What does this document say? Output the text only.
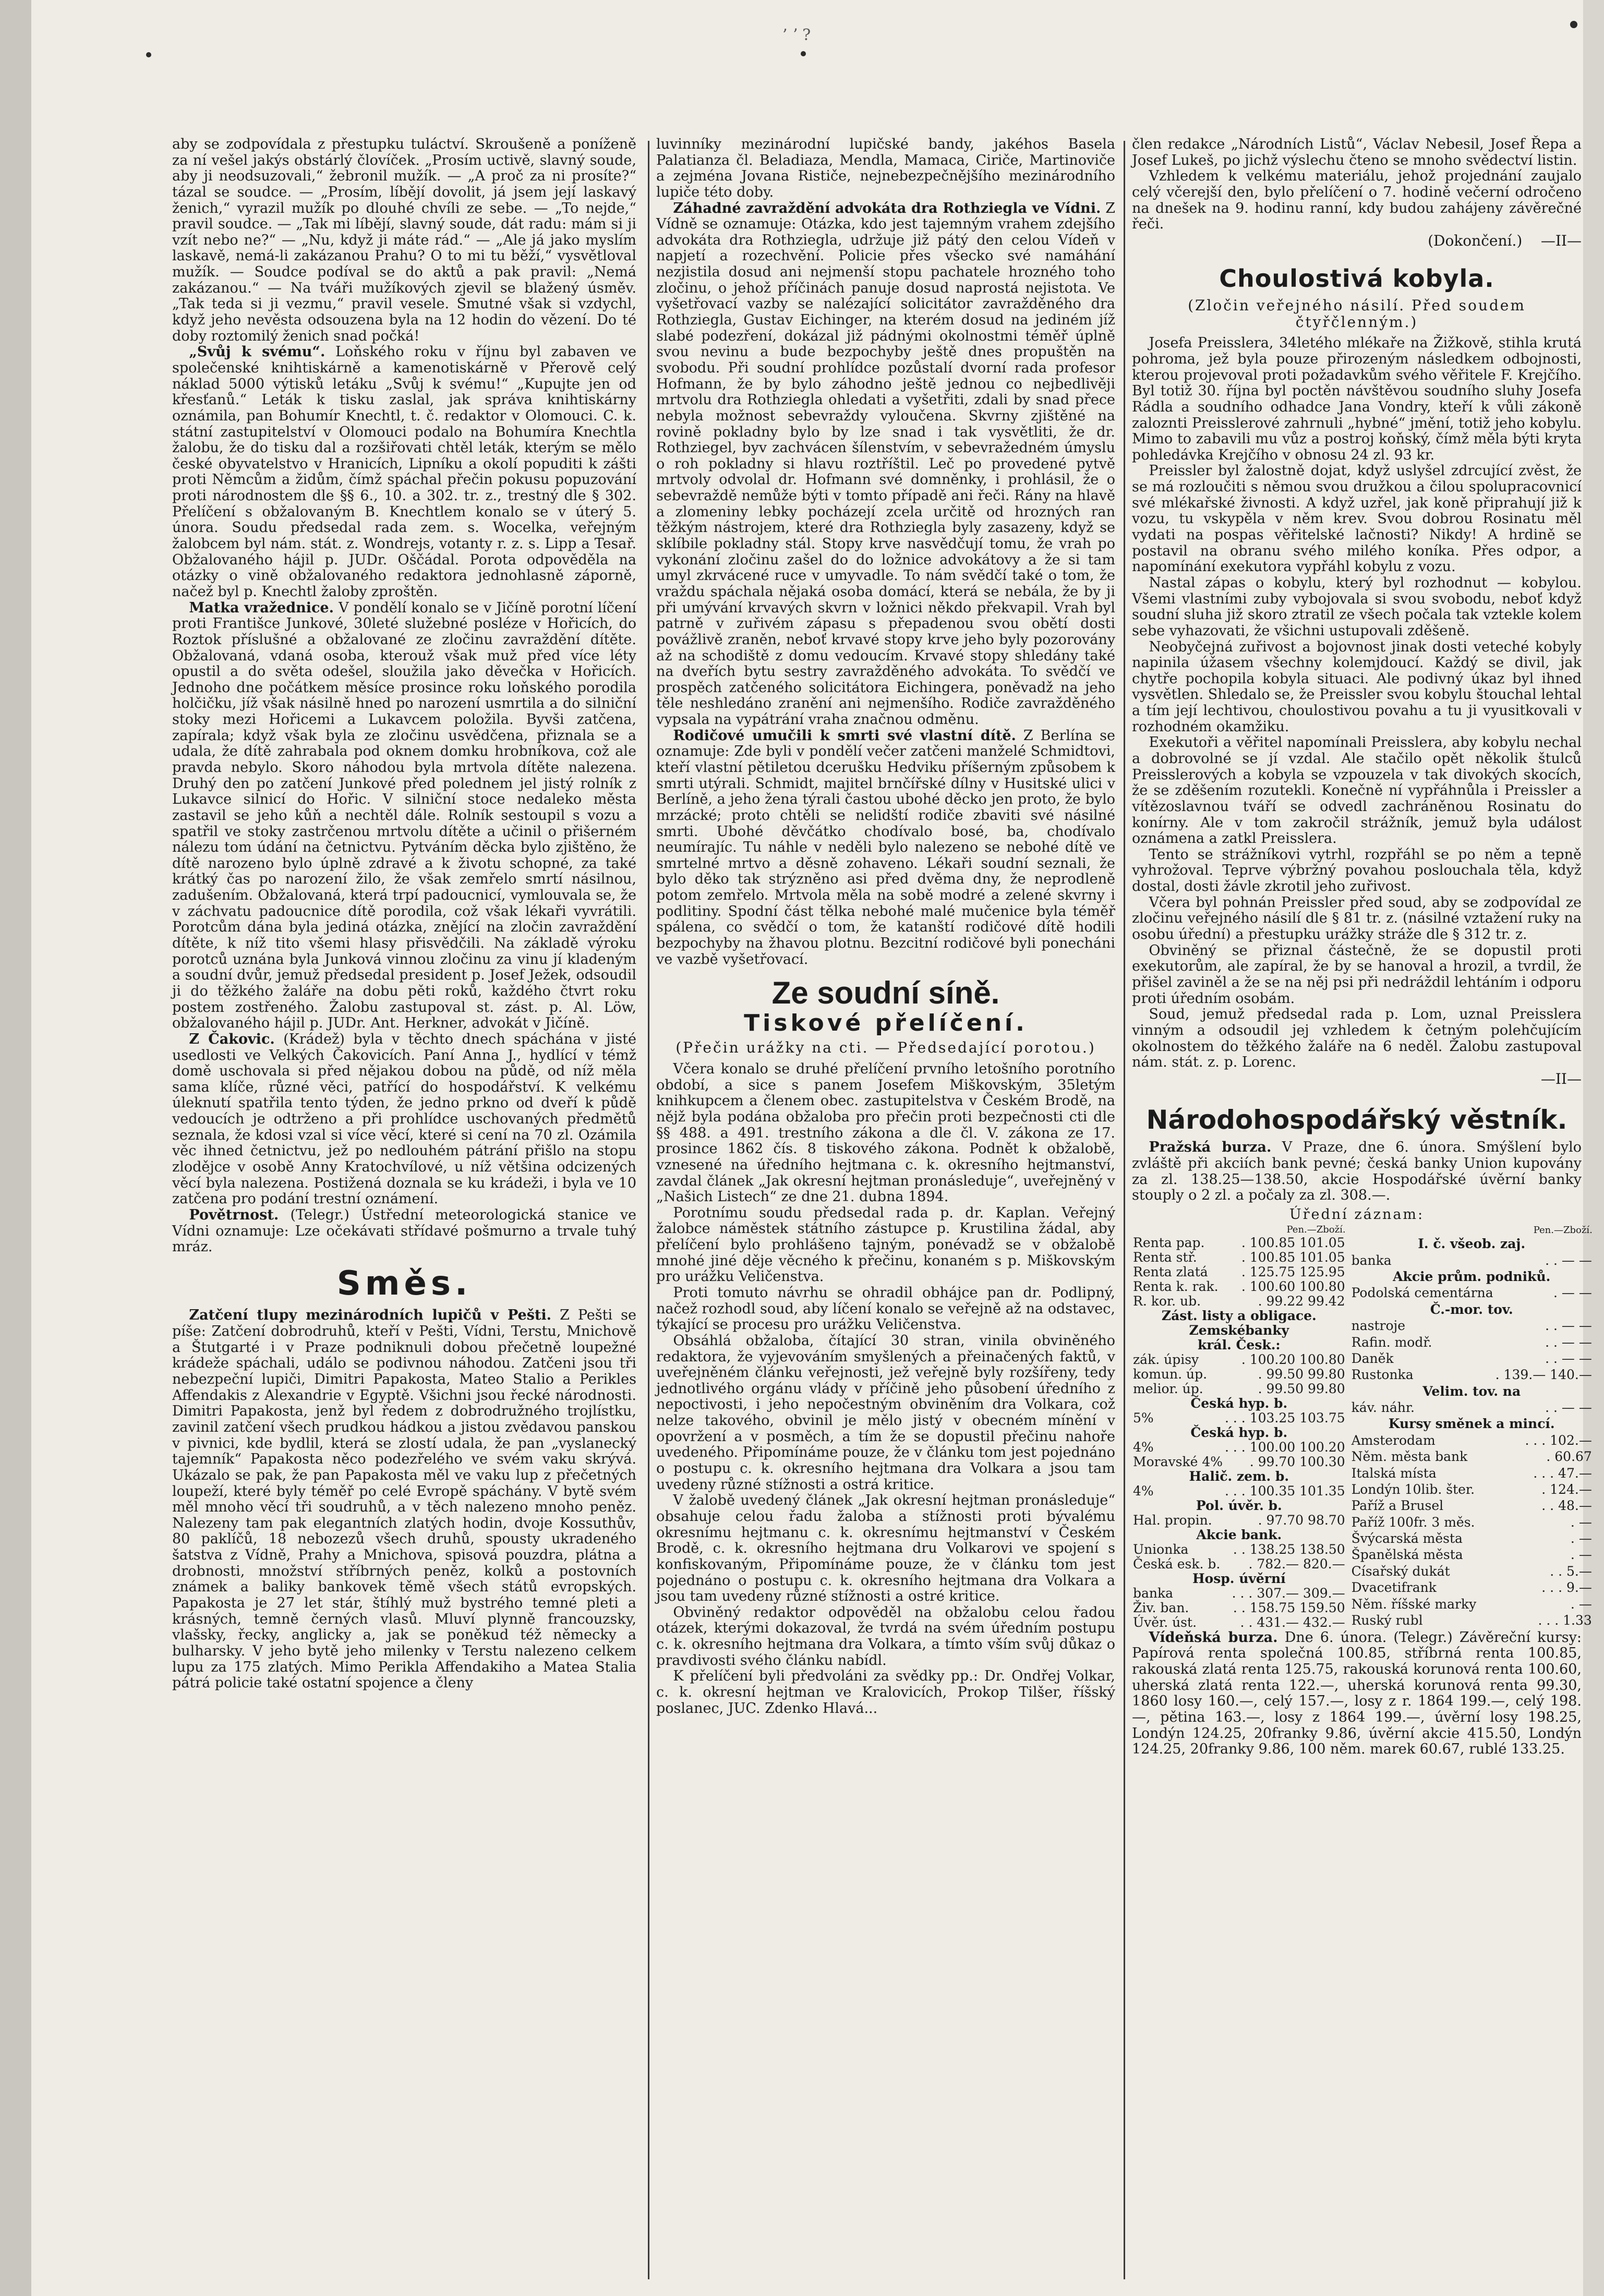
’ ʼ ?

aby se zodpovídala z přestupku tuláctví. Skroušeně a poníženě za ní vešel jakýs obstárlý človíček. „Prosím uctivě, slavný soude, aby ji neodsuzovali,“ žebronil mužík. — „A proč za ni prosíte?“ tázal se soudce. — „Prosím, líbějí dovolit, já jsem její laskavý ženich,“ vyrazil mužík po dlouhé chvíli ze sebe. — „To nejde,“ pravil soudce. — „Tak mi líbějí, slavný soude, dát radu: mám si ji vzít nebo ne?“ — „Nu, když ji máte rád.“ — „Ale já jako myslím laskavě, nemá-li zakázanou Prahu? O to mi tu běží,“ vysvětloval mužík. — Soudce podíval se do aktů a pak pravil: „Nemá zakázanou.“ — Na tváři mužíkových zjevil se blažený úsměv. „Tak teda si ji vezmu,“ pravil vesele. Smutné však si vzdychl, když jeho nevěsta odsouzena byla na 12 hodin do vězení. Do té doby roztomilý ženich snad počká!

„Svůj k svému“. Loňského roku v říjnu byl zabaven ve společenské knihtiskárně a kamenotiskárně v Přerově celý náklad 5000 výtisků letáku „Svůj k svému!“ „Kupujte jen od křesťanů.“ Leták k tisku zaslal, jak správa knihtiskárny oznámila, pan Bohumír Knechtl, t. č. redaktor v Olomouci. C. k. státní zastupitelství v Olomouci podalo na Bohumíra Knechtla žalobu, že do tisku dal a rozšiřovati chtěl leták, kterým se mělo české obyvatelstvo v Hranicích, Lipníku a okolí popuditi k zášti proti Němcům a židům, čímž spáchal přečin pokusu popuzování proti národnostem dle §§ 6., 10. a 302. tr. z., trestný dle § 302. Přelíčení s obžalovaným B. Knechtlem konalo se v úterý 5. února. Soudu předsedal rada zem. s. Wocelka, veřejným žalobcem byl nám. stát. z. Wondrejs, votanty r. z. s. Lipp a Tesař. Obžalovaného hájil p. JUDr. Oščádal. Porota odpověděla na otázky o vině obžalovaného redaktora jednohlasně záporně, načež byl p. Knechtl žaloby zproštěn.

Matka vražednice. V pondělí konalo se v Jičíně porotní líčení proti Františce Junkové, 30leté služebné posléze v Hořicích, do Roztok příslušné a obžalované ze zločinu zavraždění dítěte. Obžalovaná, vdaná osoba, kterouž však muž před více léty opustil a do světa odešel, sloužila jako děvečka v Hořicích. Jednoho dne počátkem měsíce prosince roku loňského porodila holčičku, jíž však násilně hned po narození usmrtila a do silniční stoky mezi Hořicemi a Lukavcem položila. Byvši zatčena, zapírala; když však byla ze zločinu usvědčena, přiznala se a udala, že dítě zahrabala pod oknem domku hrobníkova, což ale pravda nebylo. Skoro náhodou byla mrtvola dítěte nalezena. Druhý den po zatčení Junkové před polednem jel jistý rolník z Lukavce silnicí do Hořic. V silniční stoce nedaleko města zastavil se jeho kůň a nechtěl dále. Rolník sestoupil s vozu a spatřil ve stoky zastrčenou mrtvolu dítěte a učinil o přišerném nálezu tom údání na četnictvu. Pytváním děcka bylo zjištěno, že dítě narozeno bylo úplně zdravé a k životu schopné, za také krátký čas po narození žilo, že však zemřelo smrtí násilnou, zadušením. Obžalovaná, která trpí padoucnicí, vymlouvala se, že v záchvatu padoucnice dítě porodila, což však lékaři vyvrátili. Porotcům dána byla jediná otázka, znějící na zločin zavraždění dítěte, k níž tito všemi hlasy přisvědčili. Na základě výroku porotců uznána byla Junková vinnou zločinu za vinu jí kladeným a soudní dvůr, jemuž předsedal president p. Josef Ježek, odsoudil ji do těžkého žaláře na dobu pěti roků, každého čtvrt roku postem zostřeného. Žalobu zastupoval st. zást. p. Al. Löw, obžalovaného hájil p. JUDr. Ant. Herkner, advokát v Jičíně.

Z Čakovic. (Krádež) byla v těchto dnech spáchána v jisté usedlosti ve Velkých Čakovicích. Paní Anna J., hydlící v témž domě uschovala si před nějakou dobou na půdě, od níž měla sama klíče, různé věci, patřící do hospodářství. K velkému úleknutí spatřila tento týden, že jedno prkno od dveří k půdě vedoucích je odtrženo a při prohlídce uschovaných předmětů seznala, že kdosi vzal si více věcí, které si cení na 70 zl. Ozámila věc ihned četnictvu, jež po nedlouhém pátrání přišlo na stopu zlodějce v osobě Anny Kratochvílové, u níž většina odcizených věcí byla nalezena. Postižená doznala se ku krádeži, i byla ve 10 zatčena pro podání trestní oznámení.

Povětrnost. (Telegr.) Ústřední meteorologická stanice ve Vídni oznamuje: Lze očekávati střídavé pošmurno a trvale tuhý mráz.

Směs.

Zatčení tlupy mezinárodních lupičů v Pešti. Z Pešti se píše: Zatčení dobrodruhů, kteří v Pešti, Vídni, Terstu, Mnichově a Štutgarté i v Praze podniknuli dobou přečetně loupežné krádeže spáchali, událo se podivnou náhodou. Zatčeni jsou tři nebezpeční lupiči, Dimitri Papakosta, Mateo Stalio a Perikles Affendakis z Alexandrie v Egyptě. Všichni jsou řecké národnosti. Dimitri Papakosta, jenž byl ředem z dobrodružného trojlístku, zavinil zatčení všech prudkou hádkou a jistou zvědavou panskou v pivnici, kde bydlil, která se zlostí udala, že pan „vyslanecký tajemník“ Papakosta něco podezřelého ve svém vaku skrývá. Ukázalo se pak, že pan Papakosta měl ve vaku lup z přečetných loupeží, které byly téměř po celé Evropě spáchány. V bytě svém měl mnoho věcí tři soudruhů, a v těch nalezeno mnoho peněz. Nalezeny tam pak elegantních zlatých hodin, dvoje Kossuthův, 80 paklíčů, 18 nebozezů všech druhů, spousty ukradeného šatstva z Vídně, Prahy a Mnichova, spisová pouzdra, plátna a drobnosti, množství stříbrných peněz, kolků a postovních známek a baliky bankovek těmě všech států evropských. Papakosta je 27 let stár, štíhlý muž bystrého temné pleti a krásných, temně černých vlasů. Mluví plynně francouzsky, vlašsky, řecky, anglicky a, jak se poněkud též německy a bulharsky. V jeho bytě jeho milenky v Terstu nalezeno celkem lupu za 175 zlatých. Mimo Perikla Affendakiho a Matea Stalia pátrá policie také ostatní spojence a členy

luvinníky mezinárodní lupičské bandy, jakéhos Basela Palatianza čl. Beladiaza, Mendla, Mamaca, Ciriče, Martinoviče a zejména Jovana Rističe, nejnebezpečnějšího mezinárodního lupiče této doby.

Záhadné zavraždění advokáta dra Rothziegla ve Vídni. Z Vídně se oznamuje: Otázka, kdo jest tajemným vrahem zdejšího advokáta dra Rothziegla, udržuje již pátý den celou Vídeň v napjetí a rozechvění. Policie přes všecko své namáhání nezjistila dosud ani nejmenší stopu pachatele hrozného toho zločinu, o jehož příčinách panuje dosud naprostá nejistota. Ve vyšetřovací vazby se nalézající solicitátor zavražděného dra Rothziegla, Gustav Eichinger, na kterém dosud na jediném jíž slabé podezření, dokázal již pádnými okolnostmi téměř úplně svou nevinu a bude bezpochyby ještě dnes propuštěn na svobodu. Při soudní prohlídce pozůstalí dvorní rada profesor Hofmann, že by bylo záhodno ještě jednou co nejbedlivěji mrtvolu dra Rothziegla ohledati a vyšetřiti, zdali by snad přece nebyla možnost sebevraždy vyloučena. Skvrny zjištěné na rovině pokladny bylo by lze snad i tak vysvětliti, že dr. Rothziegel, byv zachvácen šílenstvím, v sebevražedném úmyslu o roh pokladny si hlavu roztříštil. Leč po provedené pytvě mrtvoly odvolal dr. Hofmann své domněnky, i prohlásil, že o sebevraždě nemůže býti v tomto případě ani řeči. Rány na hlavě a zlomeniny lebky pocházejí zcela určitě od hrozných ran těžkým nástrojem, které dra Rothziegla byly zasazeny, když se sklíbile pokladny stál. Stopy krve nasvědčují tomu, že vrah po vykonání zločinu zašel do do ložnice advokátovy a že si tam umyl zkrvácené ruce v umyvadle. To nám svědčí také o tom, že vraždu spáchala nějaká osoba domácí, která se nebála, že by ji při umývání krvavých skvrn v ložnici někdo překvapil. Vrah byl patrně v zuřivém zápasu s přepadenou svou obětí dosti povážlivě zraněn, neboť krvavé stopy krve jeho byly pozorovány až na schodiště z domu vedoucím. Krvavé stopy shledány také na dveřích bytu sestry zavražděného advokáta. To svědčí ve prospěch zatčeného solicitátora Eichingera, poněvadž na jeho těle neshledáno zranění ani nejmenšího. Rodiče zavražděného vypsala na vypátrání vraha značnou odměnu.

Rodičové umučili k smrti své vlastní dítě. Z Berlína se oznamuje: Zde byli v pondělí večer zatčeni manželé Schmidtovi, kteří vlastní pětiletou dcerušku Hedviku příšerným způsobem k smrti utýrali. Schmidt, majitel brnčířské dílny v Husitské ulici v Berlíně, a jeho žena týrali častou ubohé děcko jen proto, že bylo mrzácké; proto chtěli se nelidští rodiče zbaviti své násilné smrti. Ubohé děvčátko chodívalo bosé, ba, chodívalo neumírajíc. Tu náhle v neděli bylo nalezeno se nebohé dítě ve smrtelné mrtvo a děsně zohaveno. Lékaři soudní seznali, že bylo děko tak strýzněno asi před dvěma dny, že neprodleně potom zemřelo. Mrtvola měla na sobě modré a zelené skvrny i podlitiny. Spodní část tělka nebohé malé mučenice byla téměř spálena, co svědčí o tom, že katanští rodičové dítě hodili bezpochyby na žhavou plotnu. Bezcitní rodičové byli ponecháni ve vazbě vyšetřovací.

Ze soudní síně.
Tiskové přelíčení.
(Přečin urážky na cti. — Předsedající porotou.)

Včera konalo se druhé přelíčení prvního letošního porotního období, a sice s panem Josefem Miškovským, 35letým knihkupcem a členem obec. zastupitelstva v Českém Brodě, na nějž byla podána obžaloba pro přečin proti bezpečnosti cti dle §§ 488. a 491. trestního zákona a dle čl. V. zákona ze 17. prosince 1862 čís. 8 tiskového zákona. Podnět k obžalobě, vznesené na úředního hejtmana c. k. okresního hejtmanství, zavdal článek „Jak okresní hejtman pronásleduje“, uveřejněný v „Našich Listech“ ze dne 21. dubna 1894.

Porotnímu soudu předsedal rada p. dr. Kaplan. Veřejný žalobce náměstek státního zástupce p. Krustilina žádal, aby přelíčení bylo prohlášeno tajným, ponévadž se v obžalobě mnohé jiné děje věcného k přečinu, konaném s p. Miškovským pro urážku Veličenstva.

Proti tomuto návrhu se ohradil obhájce pan dr. Podlipný, načež rozhodl soud, aby líčení konalo se veřejně až na odstavec, týkající se procesu pro urážku Veličenstva.

Obsáhlá obžaloba, čítající 30 stran, vinila obviněného redaktora, že vyjevováním smyšlených a přeinačených faktů, v uveřejněném článku veřejnosti, jež veřejně byly rozšířeny, tedy jednotlivého orgánu vlády v příčině jeho působení úředního z nepoctivosti, i jeho nepočestným obviněním dra Volkara, což nelze takového, obvinil je mělo jistý v obecném mínění v opovržení a v posměch, a tím že se dopustil přečinu nahoře uvedeného. Připomínáme pouze, že v článku tom jest pojednáno o postupu c. k. okresního hejtmana dra Volkara a jsou tam uvedeny různé stížnosti a ostrá kritice.

V žalobě uvedený článek „Jak okresní hejtman pronásleduje“ obsahuje celou řadu žaloba a stížnosti proti bývalému okresnímu hejtmanu c. k. okresnímu hejtmanství v Českém Brodě, c. k. okresního hejtmana dru Volkarovi ve spojení s konfiskovaným, Připomínáme pouze, že v článku tom jest pojednáno o postupu c. k. okresního hejtmana dra Volkara a jsou tam uvedeny různé stížnosti a ostré kritice.

Obviněný redaktor odpověděl na obžalobu celou řadou otázek, kterými dokazoval, že tvrdá na svém úředním postupu c. k. okresního hejtmana dra Volkara, a tímto vším svůj důkaz o pravdivosti svého článku nabídl.

K přelíčení byli předvoláni za svědky pp.: Dr. Ondřej Volkar, c. k. okresní hejtman ve Kralovicích, Prokop Tilšer, říšský poslanec, JUC. Zdenko Hlavá...

člen redakce „Národních Listů“, Václav Nebesil, Josef Řepa a Josef Lukeš, po jichž výslechu čteno se mnoho svědectví listin.

Vzhledem k velkému materiálu, jehož projednání zaujalo celý včerejší den, bylo přelíčení o 7. hodině večerní odročeno na dnešek na 9. hodinu ranní, kdy budou zahájeny závěrečné řeči.

(Dokončení.) —II—
Choulostivá kobyla.
(Zločin veřejného násilí. Před soudem čtyřčlenným.)

Josefa Preisslera, 34letého mlékaře na Žižkově, stihla krutá pohroma, jež byla pouze přirozeným následkem odbojnosti, kterou projevoval proti požadavkům svého věřitele F. Krejčího. Byl totiž 30. října byl poctěn návštěvou soudního sluhy Josefa Rádla a soudního odhadce Jana Vondry, kteří k vůli zákoně zaloznti Preisslerové zahrnuli „hybné“ jmění, totiž jeho kobylu. Mimo to zabavili mu vůz a postroj koňský, čímž měla býti kryta pohledávka Krejčího v obnosu 24 zl. 93 kr.

Preissler byl žalostně dojat, když uslyšel zdrcující zvěst, že se má rozloučiti s němou svou družkou a čilou spolupracovnicí své mlékařské živnosti. A když uzřel, jak koně připrahují již k vozu, tu vskypěla v něm krev. Svou dobrou Rosinatu měl vydati na pospas věřitelské lačnosti? Nikdy! A hrdině se postavil na obranu svého milého koníka. Přes odpor, a napomínání exekutora vypřáhl kobylu z vozu.

Nastal zápas o kobylu, který byl rozhodnut — kobylou. Všemi vlastními zuby vybojovala si svou svobodu, neboť když soudní sluha již skoro ztratil ze všech počala tak vztekle kolem sebe vyhazovati, že všichni ustupovali zděšeně.

Neobyčejná zuřivost a bojovnost jinak dosti veteché kobyly napinila úžasem všechny kolemjdoucí. Každý se divil, jak chytře pochopila kobyla situaci. Ale podivný úkaz byl ihned vysvětlen. Shledalo se, že Preissler svou kobylu štouchal lehtal a tím její lechtivou, choulostivou povahu a tu ji vyusitkovali v rozhodném okamžiku.

Exekutoři a věřitel napomínali Preisslera, aby kobylu nechal a dobrovolné se jí vzdal. Ale stačilo opět několik štulců Preisslerových a kobyla se vzpouzela v tak divokých skocích, že se zděšením rozutekli. Konečně ní vypřáhnůla i Preissler a vítězoslavnou tváří se odvedl zachráněnou Rosinatu do konírny. Ale v tom zakročil strážník, jemuž byla událost oznámena a zatkl Preisslera.

Tento se strážníkovi vytrhl, rozpřáhl se po něm a tepně vyhrožoval. Teprve výbržný povahou poslouchala těla, když dostal, dosti žávle zkrotil jeho zuřivost.

Včera byl pohnán Preissler před soud, aby se zodpovídal ze zločinu veřejného násilí dle § 81 tr. z. (násilné vztažení ruky na osobu úřední) a přestupku urážky stráže dle § 312 tr. z.

Obviněný se přiznal částečně, že se dopustil proti exekutorům, ale zapíral, že by se hanoval a hrozil, a tvrdil, že přišel zaviněl a že se na něj psi při nedráždil lehtáním i odporu proti úředním osobám.

Soud, jemuž předsedal rada p. Lom, uznal Preisslera vinným a odsoudil jej vzhledem k četným polehčujícím okolnostem do těžkého žaláře na 6 neděl. Žalobu zastupoval nám. stát. z. p. Lorenc.

—II—
Národohospodářský věstník.

Pražská burza. V Praze, dne 6. února. Smýšlení bylo zvláště při akciích bank pevné; česká banky Union kupovány za zl. 138.25—138.50, akcie Hospodářské úvěrní banky stouply o 2 zl. a počaly za zl. 308.—.

Úřední záznam:
	Pen.—Zboží.
Renta pap.	. 100.85 101.05
Renta stř.	. 100.85 101.05
Renta zlatá	. 125.75 125.95
Renta k. rak.	. 100.60 100.80
R. kor. ub.	. 99.22 99.42
Zást. listy a obligace.	
Zemskébanky	
král. Česk.:	
zák. úpisy	. 100.20 100.80
komun. úp.	. 99.50 99.80
melior. úp.	. 99.50 99.80
Česká hyp. b.	
5%	. . . 103.25 103.75
Česká hyp. b.	
4%	. . . 100.00 100.20
Moravské 4%	. 99.70 100.30
Halič. zem. b.	
4%	. . . 100.35 101.35
Pol. úvěr. b.	
Hal. propin.	. 97.70 98.70
Akcie bank.	
Unionka	. . 138.25 138.50
Česká esk. b.	. 782.— 820.—
Hosp. úvěrní	
banka	. . . 307.— 309.—
Živ. ban.	. . 158.75 159.50
Úvěr. úst.	. . 431.— 432.—
	Pen.—Zboží.
I. č. všeob. zaj.	
banka	. . — —
Akcie prům. podniků.	
Podolská cementárna	. — —
Č.-mor. tov.	
nastroje	. . — —
Rafin. modř.	. . — —
Daněk	. . — —
Rustonka	. 139.— 140.—
Velim. tov. na	
káv. náhr.	. . — —
Kursy směnek a mincí.	
Amsterodam	. . . 102.—
Něm. města bank	. 60.67
Italská místa	. . . 47.—
Londýn 10lib. šter.	. 124.—
Paříž a Brusel	. . 48.—
Paříž 100fr. 3 měs.	. —
Švýcarská města	. —
Španělská města	. —
Císařský dukát	. . 5.—
Dvacetifrank	. . . 9.—
Něm. říšské marky	. —
Ruský rubl	. . . 1.33

Vídeňská burza. Dne 6. února. (Telegr.) Závěreční kursy: Papírová renta společná 100.85, stříbrná renta 100.85, rakouská zlatá renta 125.75, rakouská korunová renta 100.60, uherská zlatá renta 122.—, uherská korunová renta 99.30, 1860 losy 160.—, celý 157.—, losy z r. 1864 199.—, celý 198.—, pětina 163.—, losy z 1864 199.—, úvěrní losy 198.25, Londýn 124.25, 20franky 9.86, úvěrní akcie 415.50, Londýn 124.25, 20franky 9.86, 100 něm. marek 60.67, rublé 133.25.
